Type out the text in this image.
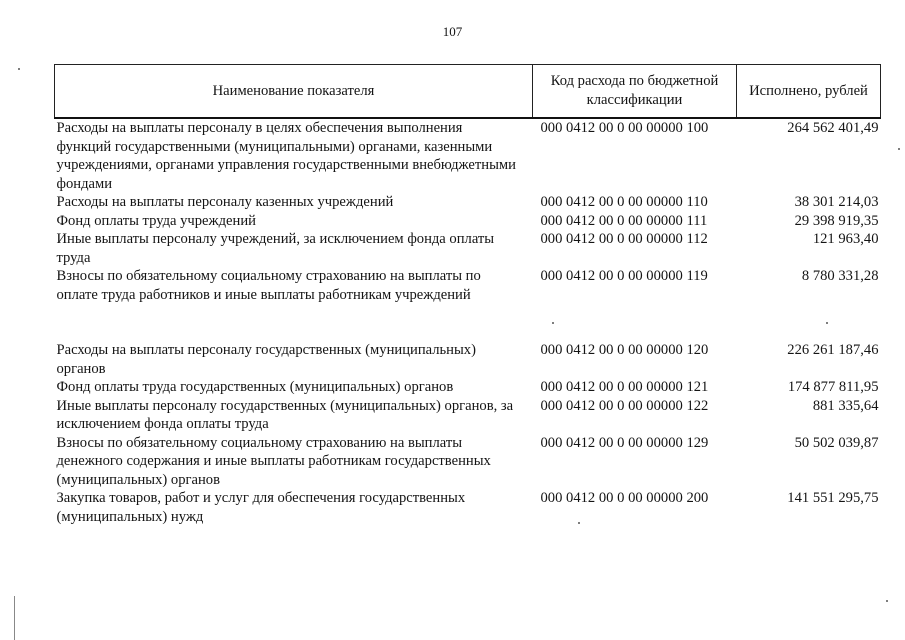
107
Наименование показателя	Код расхода по бюджетной классификации	Исполнено, рублей
Расходы на выплаты персоналу в целях обеспечения выполнения функций государственными (муниципальными) органами, казенными учреждениями, органами управления государственными внебюджетными фондами	000 0412 00 0 00 00000 100	264 562 401,49
Расходы на выплаты персоналу казенных учреждений	000 0412 00 0 00 00000 110	38 301 214,03
Фонд оплаты труда учреждений	000 0412 00 0 00 00000 111	29 398 919,35
Иные выплаты персоналу учреждений, за исключением фонда оплаты труда	000 0412 00 0 00 00000 112	121 963,40
Взносы по обязательному социальному страхованию на выплаты по оплате труда работников и иные выплаты работникам учреждений	000 0412 00 0 00 00000 119	8 780 331,28
Расходы на выплаты персоналу государственных (муниципальных) органов	000 0412 00 0 00 00000 120	226 261 187,46
Фонд оплаты труда государственных (муниципальных) органов	000 0412 00 0 00 00000 121	174 877 811,95
Иные выплаты персоналу государственных (муниципальных) органов, за исключением фонда оплаты труда	000 0412 00 0 00 00000 122	881 335,64
Взносы по обязательному социальному страхованию на выплаты денежного содержания и иные выплаты работникам государственных (муниципальных) органов	000 0412 00 0 00 00000 129	50 502 039,87
Закупка товаров, работ и услуг для обеспечения государственных (муниципальных) нужд	000 0412 00 0 00 00000 200	141 551 295,75
